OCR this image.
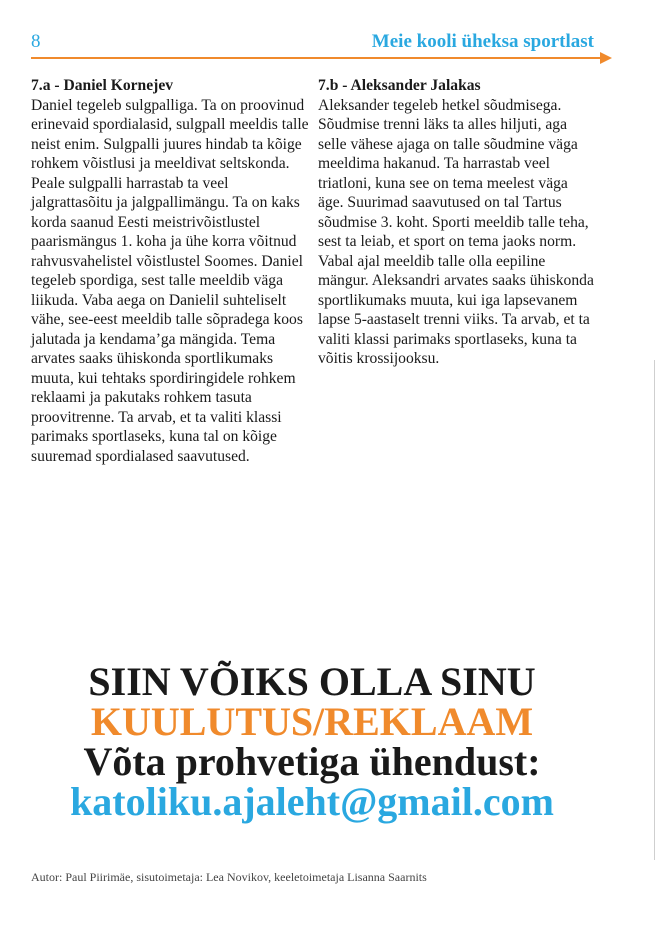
8	Meie kooli üheksa sportlast
7.a - Daniel Kornejev

Daniel tegeleb sulgpalliga. Ta on proovinud erinevaid spordialasid, sulgpall meeldis talle neist enim. Sulgpalli juures hindab ta kõige rohkem võistlusi ja meeldivat seltskonda. Peale sulgpalli harrastab ta veel jalgrattasõitu ja jalgpallimängu. Ta on kaks korda saanud Eesti meistrivõistlustel paarismängus 1. koha ja ühe korra võitnud rahvusvahelistel võistlustel Soomes. Daniel tegeleb spordiga, sest talle meeldib väga liikuda. Vaba aega on Danielil suhteliselt vähe, see-eest meeldib talle sõpradega koos jalutada ja kendama’ga mängida. Tema arvates saaks ühiskonda sportlikumaks muuta, kui tehtaks spordiringidele rohkem reklaami ja pakutaks rohkem tasuta proovitrenne. Ta arvab, et ta valiti klassi parimaks sportlaseks, kuna tal on kõige suuremad spordialased saavutused.

7.b - Aleksander Jalakas

Aleksander tegeleb hetkel sõudmisega. Sõudmise trenni läks ta alles hiljuti, aga selle vähese ajaga on talle sõudmine väga meeldima hakanud. Ta harrastab veel triatloni, kuna see on tema meelest väga äge. Suurimad saavutused on tal Tartus sõudmise 3. koht. Sporti meeldib talle teha, sest ta leiab, et sport on tema jaoks norm. Vabal ajal meeldib talle olla eepiline mängur. Aleksandri arvates saaks ühiskonda sportlikumaks muuta, kui iga lapsevanem lapse 5-aastaselt trenni viiks. Ta arvab, et ta valiti klassi parimaks sportlaseks, kuna ta võitis krossijooksu.

SIIN VÕIKS OLLA SINU
KUULUTUS/REKLAAM
Võta prohvetiga ühendust:
katoliku.ajaleht@gmail.com
Autor: Paul Piirimäe, sisutoimetaja: Lea Novikov, keeletoimetaja Lisanna Saarnits
